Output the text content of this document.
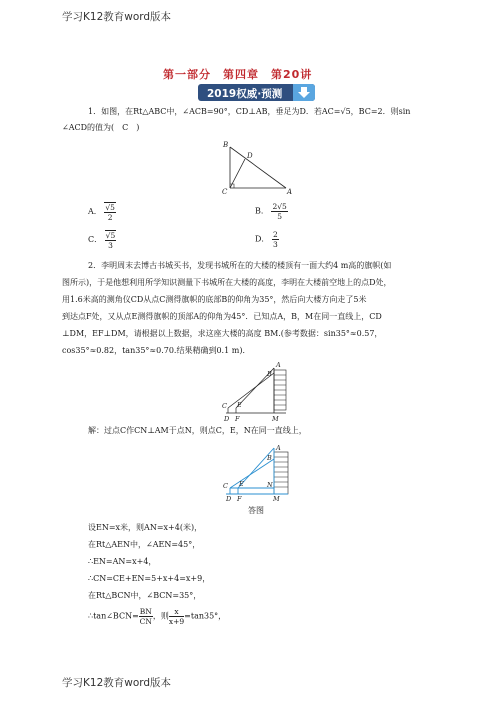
学习K12教育word版本
第一部分　第四章　第20讲
2019权威·预测
1．如图，在Rt△ABC中，∠ACB=90°，CD⊥AB，垂足为D．若AC=√5，BC=2．则sin
∠ACD的值为(　C　)
B
D
C	A
A． $\frac{√5}{2}$	B． $\frac{2√5}{5}$
C． $\frac{√5}{3}$	D． $\frac{2}{3}$
2．李明周末去博古书城买书，发现书城所在的大楼的楼顶有一面大约4 m高的旗帜(如
图所示)，于是他想利用所学知识测量下书城所在大楼的高度，李明在大楼前空地上的点D处，
用1.6米高的测角仪CD从点C测得旗帜的底部B的仰角为35°，然后向大楼方向走了5米
到达点F处，又从点E测得旗帜的顶部A的仰角为45°．已知点A，B，M在同一直线上，CD
⊥DM，EF⊥DM，请根据以上数据，求这座大楼的高度 BM.(参考数据：sin35°≈0.57，
cos35°≈0.82，tan35°≈0.70.结果精确到0.1 m)．
A
B
C E
D F	M
解：过点C作CN⊥AM于点N，则点C，E，N在同一直线上，
A
B
N
C E
D F	M
答图
设EN=x米，则AN=x+4(米)，
在Rt△AEN中，∠AEN=45°，
∴EN=AN=x+4，
∴CN=CE+EN=5+x+4=x+9，
在Rt△BCN中，∠BCN=35°，
∴tan∠BCN= $\frac{BN}{CN}$ ，则 $\frac{x}{x+9} =\tan 35^\circ$，
学习K12教育word版本
